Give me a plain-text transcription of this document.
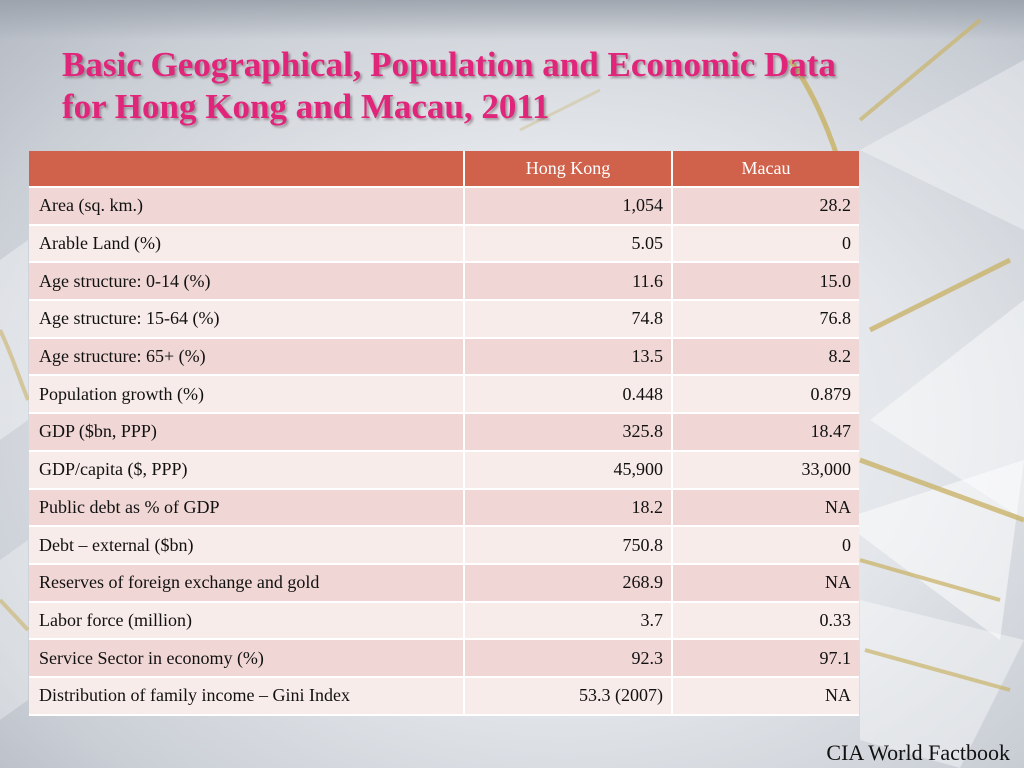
Basic Geographical, Population and Economic Data
for Hong Kong and Macau, 2011
	Hong Kong	Macau
Area (sq. km.)	1,054	28.2
Arable Land (%)	5.05	0
Age structure: 0-14 (%)	11.6	15.0
Age structure: 15-64 (%)	74.8	76.8
Age structure: 65+ (%)	13.5	8.2
Population growth (%)	0.448	0.879
GDP ($bn, PPP)	325.8	18.47
GDP/capita ($, PPP)	45,900	33,000
Public debt as % of GDP	18.2	NA
Debt – external ($bn)	750.8	0
Reserves of foreign exchange and gold	268.9	NA
Labor force (million)	3.7	0.33
Service Sector in economy (%)	92.3	97.1
Distribution of family income – Gini Index	53.3 (2007)	NA
CIA World Factbook
